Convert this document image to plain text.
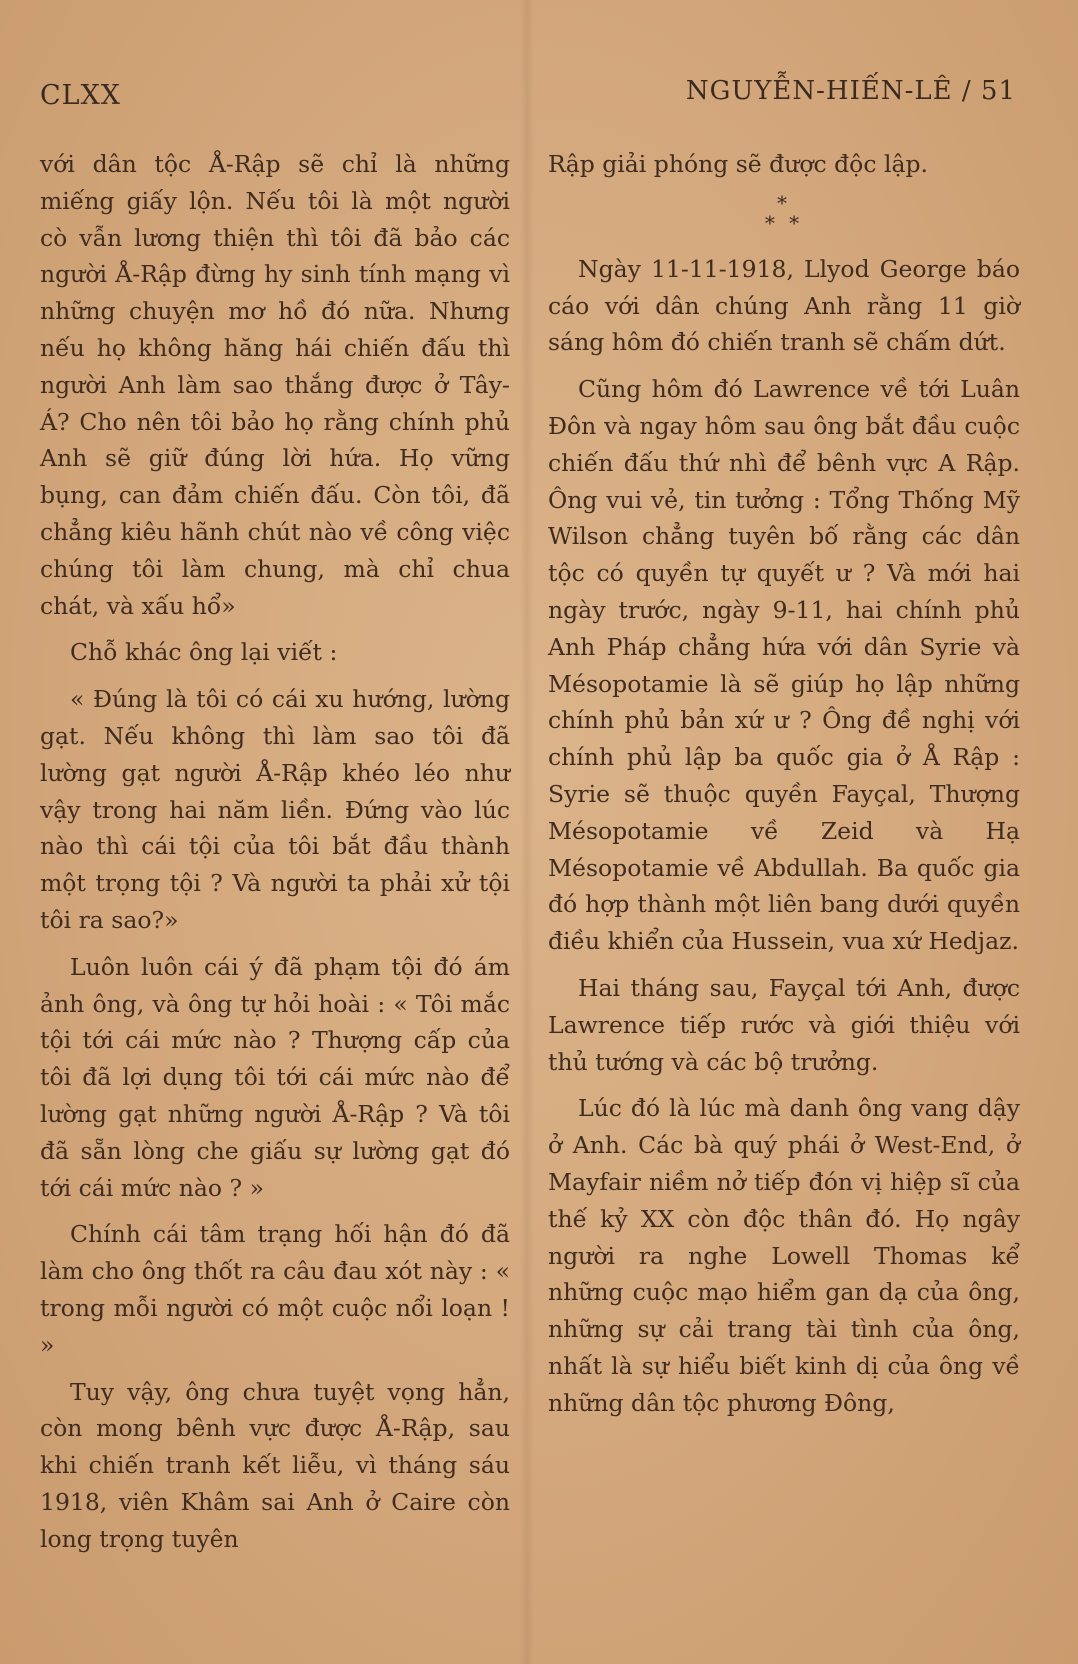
CLXX	NGUYỄN-HIẾN-LÊ / 51

với dân tộc Å-Rập sẽ chỉ là những miếng giấy lộn. Nếu tôi là một người cò vẫn lương thiện thì tôi đã bảo các người Å-Rập đừng hy sinh tính mạng vì những chuyện mơ hồ đó nữa. Nhưng nếu họ không hăng hái chiến đấu thì người Anh làm sao thắng được ở Tây-Á? Cho nên tôi bảo họ rằng chính phủ Anh sẽ giữ đúng lời hứa. Họ vững bụng, can đảm chiến đấu. Còn tôi, đã chẳng kiêu hãnh chút nào về công việc chúng tôi làm chung, mà chỉ chua chát, và xấu hổ»

Chỗ khác ông lại viết :

« Đúng là tôi có cái xu hướng, lường gạt. Nếu không thì làm sao tôi đã lường gạt người Å-Rập khéo léo như vậy trong hai năm liền. Đứng vào lúc nào thì cái tội của tôi bắt đầu thành một trọng tội ? Và người ta phải xử tội tôi ra sao?»

Luôn luôn cái ý đã phạm tội đó ám ảnh ông, và ông tự hỏi hoài : « Tôi mắc tội tới cái mức nào ? Thượng cấp của tôi đã lợi dụng tôi tới cái mức nào để lường gạt những người Å-Rập ? Và tôi đã sẵn lòng che giấu sự lường gạt đó tới cái mức nào ? »

Chính cái tâm trạng hối hận đó đã làm cho ông thốt ra câu đau xót này : « trong mỗi người có một cuộc nổi loạn ! »

Tuy vậy, ông chưa tuyệt vọng hẳn, còn mong bênh vực được Å-Rập, sau khi chiến tranh kết liễu, vì tháng sáu 1918, viên Khâm sai Anh ở Caire còn long trọng tuyên

Rập giải phóng sẽ được độc lập.

*
* *

Ngày 11-11-1918, Llyod George báo cáo với dân chúng Anh rằng 11 giờ sáng hôm đó chiến tranh sẽ chấm dứt.

Cũng hôm đó Lawrence về tới Luân Đôn và ngay hôm sau ông bắt đầu cuộc chiến đấu thứ nhì để bênh vực A Rập. Ông vui vẻ, tin tưởng : Tổng Thống Mỹ Wilson chẳng tuyên bố rằng các dân tộc có quyền tự quyết ư ? Và mới hai ngày trước, ngày 9-11, hai chính phủ Anh Pháp chẳng hứa với dân Syrie và Mésopotamie là sẽ giúp họ lập những chính phủ bản xứ ư ? Ông đề nghị với chính phủ lập ba quốc gia ở Å Rập : Syrie sẽ thuộc quyền Fayçal, Thượng Mésopotamie về Zeid và Hạ Mésopotamie về Abdullah. Ba quốc gia đó hợp thành một liên bang dưới quyền điều khiển của Hussein, vua xứ Hedjaz.

Hai tháng sau, Fayçal tới Anh, được Lawrence tiếp rước và giới thiệu với thủ tướng và các bộ trưởng.

Lúc đó là lúc mà danh ông vang dậy ở Anh. Các bà quý phái ở West-End, ở Mayfair niềm nở tiếp đón vị hiệp sĩ của thế kỷ XX còn độc thân đó. Họ ngây người ra nghe Lowell Thomas kể những cuộc mạo hiểm gan dạ của ông, những sự cải trang tài tình của ông, nhất là sự hiểu biết kinh dị của ông về những dân tộc phương Đông,
